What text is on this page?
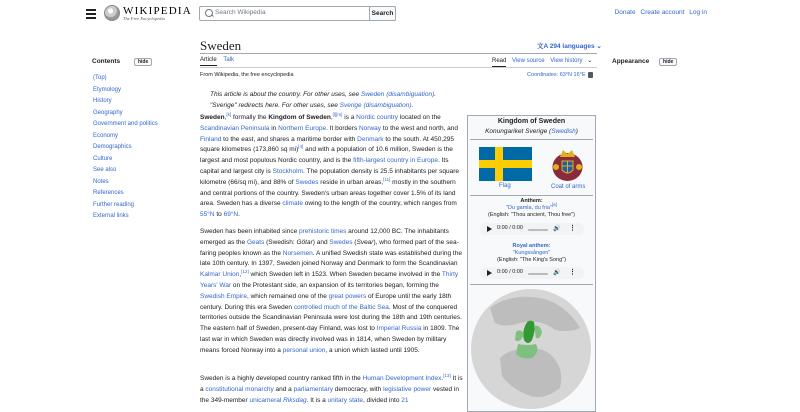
WIKIPEDIA
The Free Encyclopedia
Search Wikipedia	Search	Donate Create account Log in
Contents	hide
(Top)
Etymology
History
Geography
Government and politics
Economy
Demographics
Culture
See also
Notes
References
Further reading
External links
Sweden	文A 294 languages ⌄
Article Talk	Read View source View history ⌄
From Wikipedia, the free encyclopedia	Coordinates: 63°N 16°E
Appearance	hide
This article is about the country. For other uses, see Sweden (disambiguation).
"Sverige" redirects here. For other uses, see Sverige (disambiguation).
Sweden,[k] formally the Kingdom of Sweden,[l][m] is a Nordic country located on the Scandinavian Peninsula in Northern Europe. It borders Norway to the west and north, and Finland to the east, and shares a maritime border with Denmark to the south. At 450,295 square kilometres (173,860 sq mi)[4] and with a population of 10.6 million, Sweden is the largest and most populous Nordic country, and is the fifth-largest country in Europe. Its capital and largest city is Stockholm. The population density is 25.5 inhabitants per square kilometre (66/sq mi), and 88% of Swedes reside in urban areas,[11] mostly in the southern and central portions of the country. Sweden's urban areas together cover 1.5% of its land area. Sweden has a diverse climate owing to the length of the country, which ranges from 55°N to 69°N.
Sweden has been inhabited since prehistoric times around 12,000 BC. The inhabitants emerged as the Geats (Swedish: Götar) and Swedes (Svear), who formed part of the sea-faring peoples known as the Norsemen. A unified Swedish state was established during the late 10th century. In 1397, Sweden joined Norway and Denmark to form the Scandinavian Kalmar Union,[12] which Sweden left in 1523. When Sweden became involved in the Thirty Years' War on the Protestant side, an expansion of its territories began, forming the Swedish Empire, which remained one of the great powers of Europe until the early 18th century. During this era Sweden controlled much of the Baltic Sea. Most of the conquered territories outside the Scandinavian Peninsula were lost during the 18th and 19th centuries. The eastern half of Sweden, present-day Finland, was lost to Imperial Russia in 1809. The last war in which Sweden was directly involved was in 1814, when Sweden by military means forced Norway into a personal union, a union which lasted until 1905.
Sweden is a highly developed country ranked fifth in the Human Development Index.[13] It is a constitutional monarchy and a parliamentary democracy, with legislative power vested in the 349-member unicameral Riksdag. It is a unitary state, divided into 21
Kingdom of Sweden
Konungariket Sverige (Swedish)
Flag	Coat of arms
Anthem:
"Du gamla, du fria"[a]
(English: "Thou ancient, Thou free")
0:00 / 0:00	🔊 ⋮
Royal anthem:
"Kungssången"
(English: "The King's Song")
0:00 / 0:00	🔊 ⋮
